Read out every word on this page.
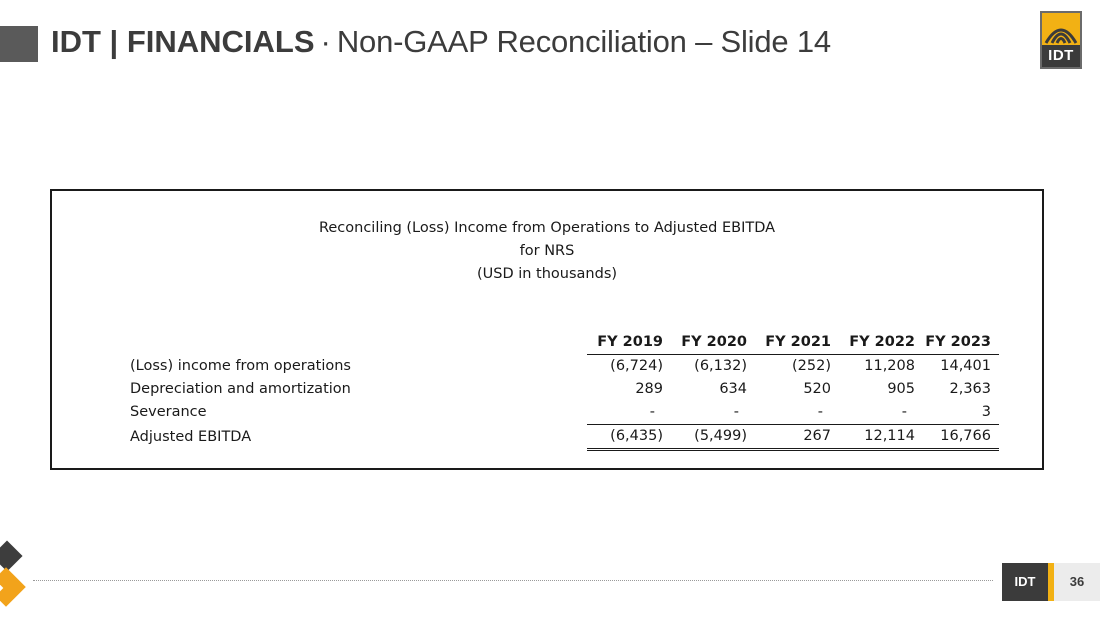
IDT | FINANCIALS · Non-GAAP Reconciliation – Slide 14	IDT
Reconciling (Loss) Income from Operations to Adjusted EBITDA
for NRS
(USD in thousands)
	FY 2019	FY 2020	FY 2021	FY 2022	FY 2023
(Loss) income from operations	(6,724)	(6,132)	(252)	11,208	14,401
Depreciation and amortization	289	634	520	905	2,363
Severance	-	-	-	-	3
Adjusted EBITDA	(6,435)	(5,499)	267	12,114	16,766
IDT	36
